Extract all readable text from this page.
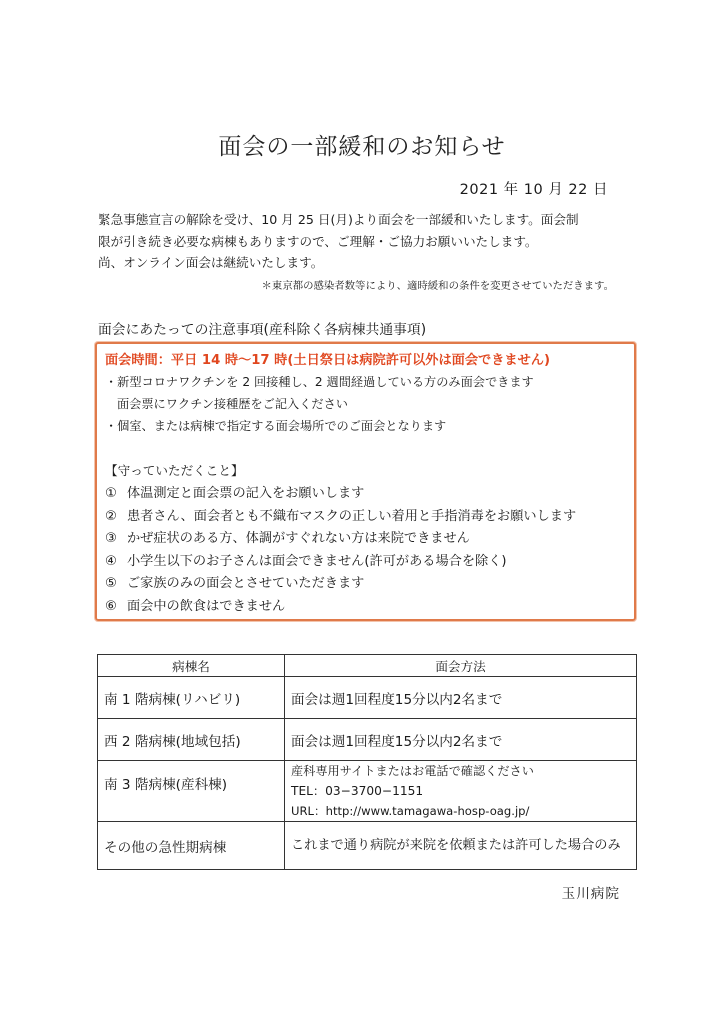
面会の一部緩和のお知らせ
2021 年 10 月 22 日
緊急事態宣言の解除を受け、10 月 25 日(月)より面会を一部緩和いたします。面会制
限が引き続き必要な病棟もありますので、ご理解・ご協力お願いいたします。
尚、オンライン面会は継続いたします。
＊東京都の感染者数等により、適時緩和の条件を変更させていただきます。
面会にあたっての注意事項(産科除く各病棟共通事項)
面会時間：平日 14 時〜17 時(土日祭日は病院許可以外は面会できません)
・新型コロナワクチンを 2 回接種し、2 週間経過している方のみ面会できます
面会票にワクチン接種歴をご記入ください
・個室、または病棟で指定する面会場所でのご面会となります
【守っていただくこと】
① 体温測定と面会票の記入をお願いします
② 患者さん、面会者とも不織布マスクの正しい着用と手指消毒をお願いします
③ かぜ症状のある方、体調がすぐれない方は来院できません
④ 小学生以下のお子さんは面会できません(許可がある場合を除く)
⑤ ご家族のみの面会とさせていただきます
⑥ 面会中の飲食はできません
病棟名	面会方法
南 1 階病棟(リハビリ)	面会は週1回程度15分以内2名まで
西 2 階病棟(地域包括)	面会は週1回程度15分以内2名まで
南 3 階病棟(産科棟)	産科専用サイトまたはお電話で確認ください
TEL：03−3700−1151
URL：http://www.tamagawa-hosp-oag.jp/

その他の急性期病棟	これまで通り病院が来院を依頼または許可した場合のみ
玉川病院
